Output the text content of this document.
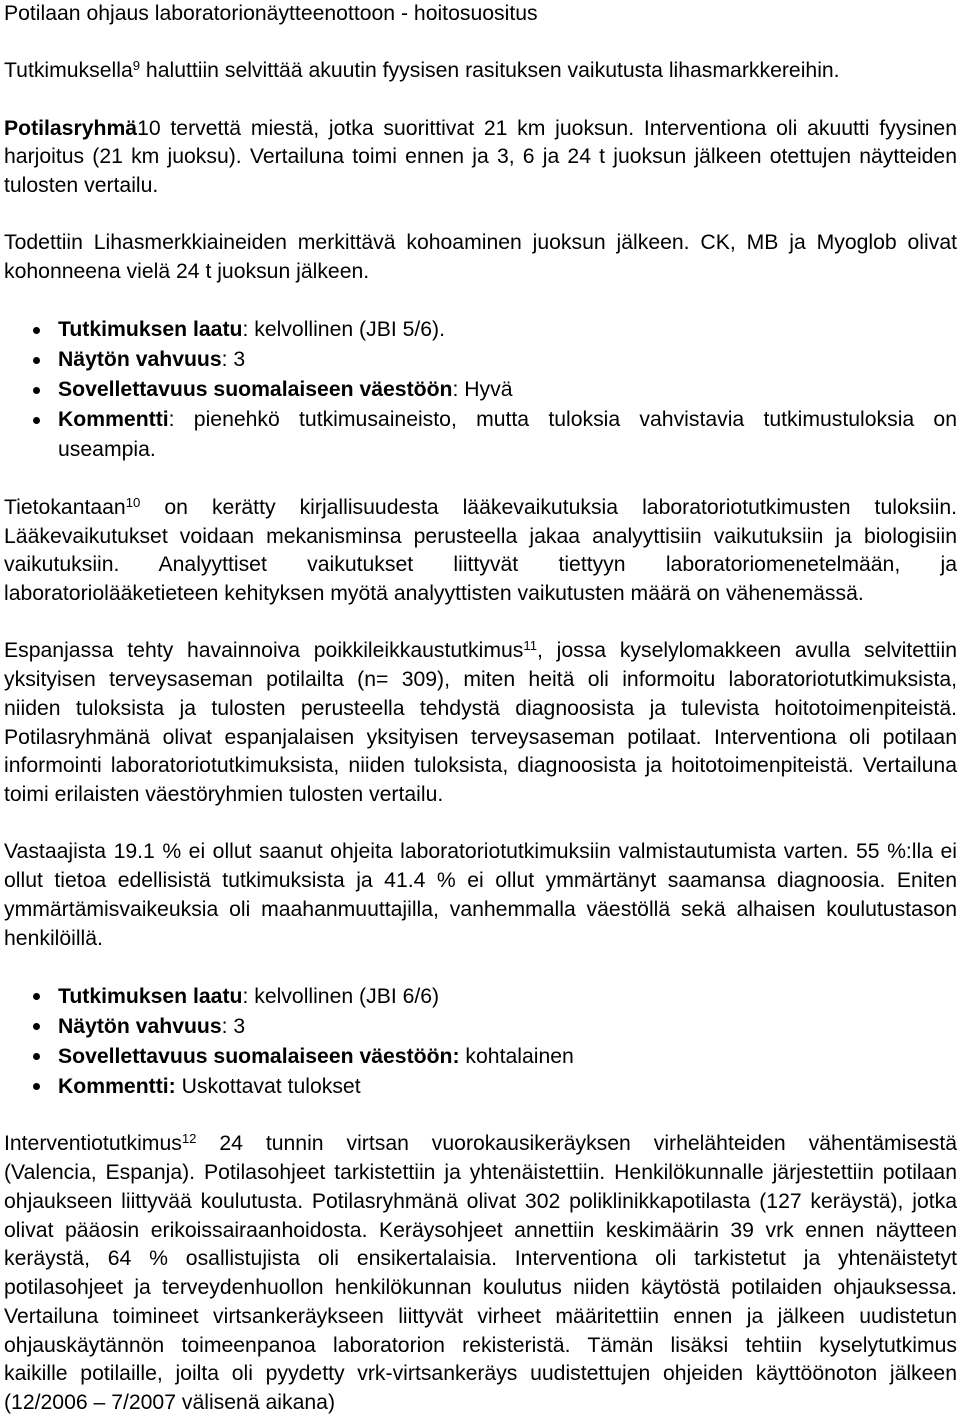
Potilaan ohjaus laboratorionäytteenottoon - hoitosuositus
Tutkimuksella$^9$ haluttiin selvittää akuutin fyysisen rasituksen vaikutusta lihasmarkkereihin.
Potilasryhmä10 tervettä miestä, jotka suorittivat 21 km juoksun. Interventiona oli akuutti fyysinen
harjoitus (21 km juoksu). Vertailuna toimi ennen ja 3, 6 ja 24 t juoksun jälkeen otettujen näytteiden
tulosten vertailu.
Todettiin Lihasmerkkiaineiden merkittävä kohoaminen juoksun jälkeen. CK, MB ja Myoglob olivat
kohonneena vielä 24 t juoksun jälkeen.
Tutkimuksen laatu: kelvollinen (JBI 5/6).
Näytön vahvuus: 3
Sovellettavuus suomalaiseen väestöön: Hyvä
Kommentti: pienehkö tutkimusaineisto, mutta tuloksia vahvistavia tutkimustuloksia on
useampia.
Tietokantaan$^{10}$ on kerätty kirjallisuudesta lääkevaikutuksia laboratoriotutkimusten tuloksiin.
Lääkevaikutukset voidaan mekanisminsa perusteella jakaa analyyttisiin vaikutuksiin ja biologisiin
vaikutuksiin. Analyyttiset vaikutukset liittyvät tiettyyn laboratoriomenetelmään, ja
laboratoriolääketieteen kehityksen myötä analyyttisten vaikutusten määrä on vähenemässä.
Espanjassa tehty havainnoiva poikkileikkaustutkimus$^{11}$, jossa kyselylomakkeen avulla selvitettiin
yksityisen terveysaseman potilailta (n= 309), miten heitä oli informoitu laboratoriotutkimuksista,
niiden tuloksista ja tulosten perusteella tehdystä diagnoosista ja tulevista hoitotoimenpiteistä.
Potilasryhmänä olivat espanjalaisen yksityisen terveysaseman potilaat. Interventiona oli potilaan
informointi laboratoriotutkimuksista, niiden tuloksista, diagnoosista ja hoitotoimenpiteistä. Vertailuna
toimi erilaisten väestöryhmien tulosten vertailu.
Vastaajista 19.1 % ei ollut saanut ohjeita laboratoriotutkimuksiin valmistautumista varten. 55 %:lla ei
ollut tietoa edellisistä tutkimuksista ja 41.4 % ei ollut ymmärtänyt saamansa diagnoosia. Eniten
ymmärtämisvaikeuksia oli maahanmuuttajilla, vanhemmalla väestöllä sekä alhaisen koulutustason
henkilöillä.
Tutkimuksen laatu: kelvollinen (JBI 6/6)
Näytön vahvuus: 3
Sovellettavuus suomalaiseen väestöön: kohtalainen
Kommentti: Uskottavat tulokset
Interventiotutkimus$^{12}$ 24 tunnin virtsan vuorokausikeräyksen virhelähteiden vähentämisestä
(Valencia, Espanja). Potilasohjeet tarkistettiin ja yhtenäistettiin. Henkilökunnalle järjestettiin potilaan
ohjaukseen liittyvää koulutusta. Potilasryhmänä olivat 302 poliklinikkapotilasta (127 keräystä), jotka
olivat pääosin erikoissairaanhoidosta. Keräysohjeet annettiin keskimäärin 39 vrk ennen näytteen
keräystä, 64 % osallistujista oli ensikertalaisia. Interventiona oli tarkistetut ja yhtenäistetyt
potilasohjeet ja terveydenhuollon henkilökunnan koulutus niiden käytöstä potilaiden ohjauksessa.
Vertailuna toimineet virtsankeräykseen liittyvät virheet määritettiin ennen ja jälkeen uudistetun
ohjauskäytännön toimeenpanoa laboratorion rekisteristä. Tämän lisäksi tehtiin kyselytutkimus
kaikille potilaille, joilta oli pyydetty vrk-virtsankeräys uudistettujen ohjeiden käyttöönoton jälkeen
(12/2006 – 7/2007 välisenä aikana)
